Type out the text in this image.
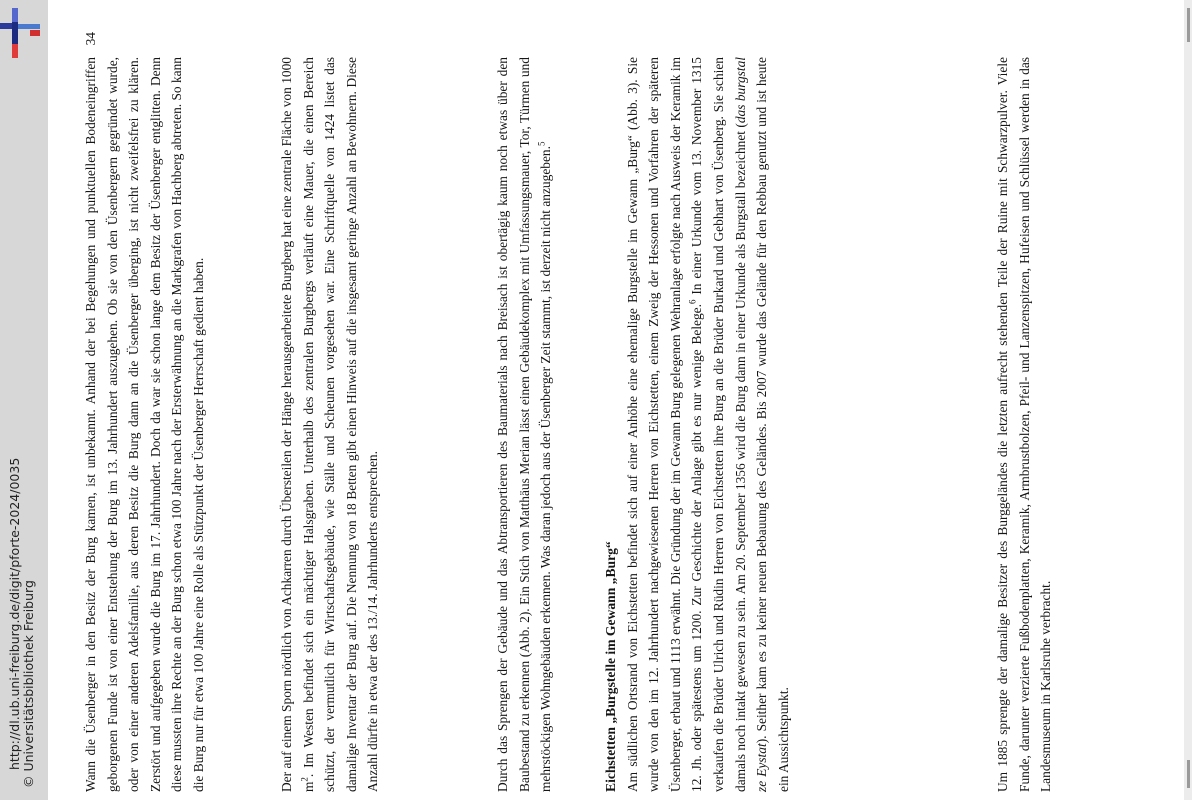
http://dl.ub.uni-freiburg.de/digit/pforte-2024/0035 © Universitätsbibliothek Freiburg
34

Wann die Üsenberger in den Besitz der Burg kamen, ist unbekannt. Anhand der bei Begehungen und punktuellen Bodeneingriffen geborgenen Funde ist von einer Entstehung der Burg im 13. Jahrhundert auszugehen. Ob sie von den Üsenbergern gegründet wurde, oder von einer anderen Adelsfamilie, aus deren Besitz die Burg dann an die Üsenberger überging, ist nicht zweifelsfrei zu klären. Zerstört und aufgegeben wurde die Burg im 17. Jahrhundert. Doch da war sie schon lange dem Besitz der Üsenberger entglitten. Denn diese mussten ihre Rechte an der Burg schon etwa 100 Jahre nach der Ersterwähnung an die Markgrafen von Hachberg abtreten. So kann die Burg nur für etwa 100 Jahre eine Rolle als Stützpunkt der Üsenberger Herrschaft gedient haben.	Der auf einem Sporn nördlich von Achkarren durch Übersteilen der Hänge herausgearbeitete Burgberg hat eine zentrale Fläche von 1000 $m^2$. Im Westen befindet sich ein mächtiger Halsgraben. Unterhalb des zentralen Burgbergs verläuft eine Mauer, die einen Bereich schützt, der vermutlich für Wirtschaftsgebäude, wie Ställe und Scheunen vorgesehen war. Eine Schriftquelle von 1424 listet das damalige Inventar der Burg auf. Die Nennung von 18 Betten gibt einen Hinweis auf die insgesamt geringe Anzahl an Bewohnern. Diese Anzahl dürfte in etwa der des 13./14. Jahrhunderts entsprechen.	Durch das Sprengen der Gebäude und das Abtransportieren des Baumaterials nach Breisach ist obertägig kaum noch etwas über den Baubestand zu erkennen (Abb. 2). Ein Stich von Matthäus Merian lässt einen Gebäudekomplex mit Umfassungsmauer, Tor, Türmen und mehrstöckigen Wohngebäuden erkennen. Was daran jedoch aus der Üsenberger Zeit stammt, ist derzeit nicht anzugeben.$^5$

Eichstetten „Burgstelle im Gewann „Burg“ Am südlichen Ortsrand von Eichstetten befindet sich auf einer Anhöhe eine ehemalige Burgstelle im Gewann „Burg“ (Abb. 3). Sie wurde von den im 12. Jahrhundert nachgewiesenen Herren von Eichstetten, einem Zweig der Hessonen und Vorfahren der späteren Üsenberger, erbaut und 1113 erwähnt. Die Gründung der im Gewann Burg gelegenen Wehranlage erfolgte nach Ausweis der Keramik im 12. Jh. oder spätestens um 1200. Zur Geschichte der Anlage gibt es nur wenige Belege.$^6$ In einer Urkunde vom 13. November 1315 verkaufen die Brüder Ulrich und Rüdin Herren von Eichstetten ihre Burg an die Brüder Burkard und Gebhart von Üsenberg. Sie schien damals noch intakt gewesen zu sein. Am 20. September 1356 wird die Burg dann in einer Urkunde als Burgstall bezeichnet (das burgstal ze Eystat). Seither kam es zu keiner neuen Bebauung des Geländes. Bis 2007 wurde das Gelände für den Rebbau genutzt und ist heute ein Aussichtspunkt.	Um 1885 sprengte der damalige Besitzer des Burggeländes die letzten aufrecht stehenden Teile der Ruine mit Schwarzpulver. Viele Funde, darunter verzierte Fußbodenplatten, Keramik, Armbrustbolzen, Pfeil- und Lanzenspitzen, Hufeisen und Schlüssel werden in das Landesmuseum in Karlsruhe verbracht.
